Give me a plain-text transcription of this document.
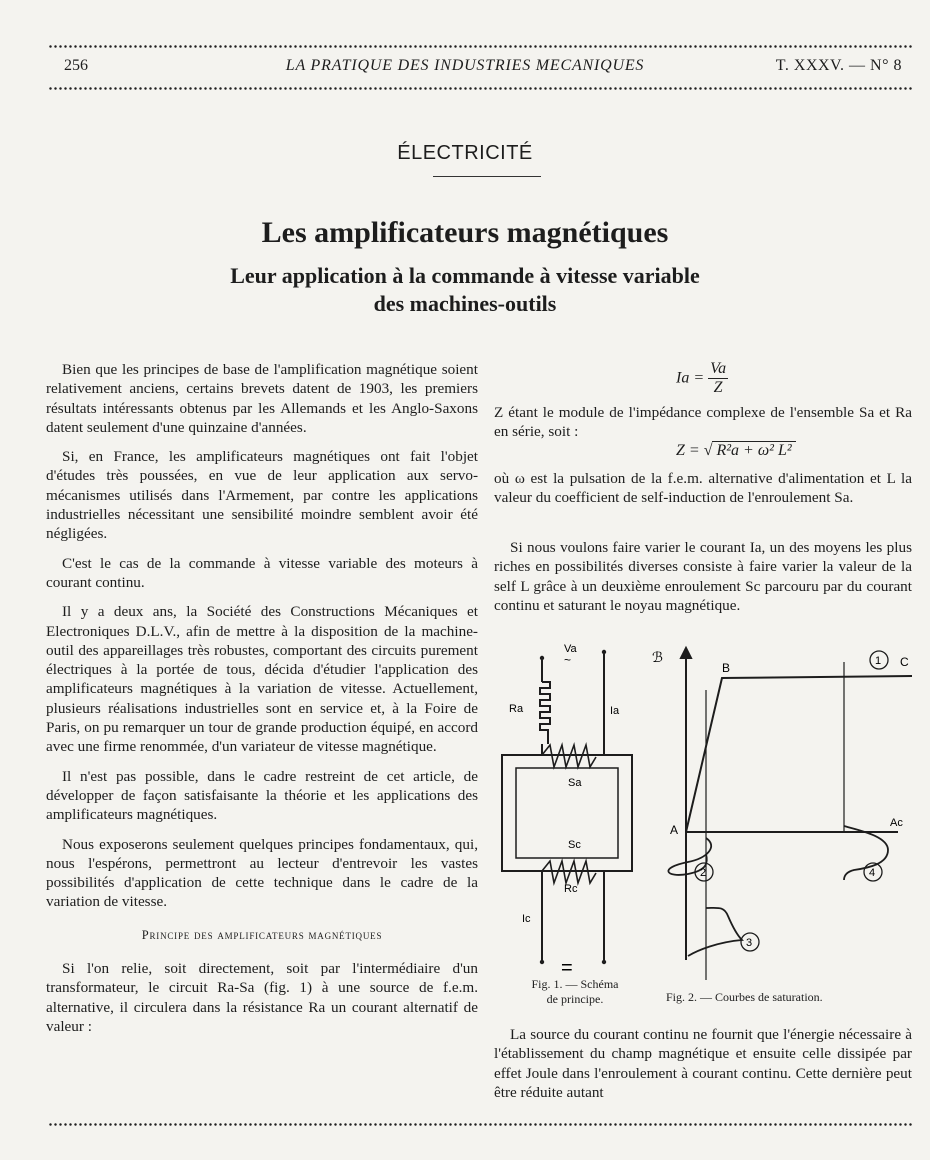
256	LA PRATIQUE DES INDUSTRIES MECANIQUES	T. XXXV. — N° 8
ÉLECTRICITÉ
Les amplificateurs magnétiques
Leur application à la commande à vitesse variable
des machines-outils

Bien que les principes de base de l'amplification magnétique soient relativement anciens, certains brevets datent de 1903, les premiers résultats intéressants obtenus par les Allemands et les Anglo-Saxons datent seulement d'une quinzaine d'années.

Si, en France, les amplificateurs magnétiques ont fait l'objet d'études très poussées, en vue de leur application aux servo-mécanismes utilisés dans l'Armement, par contre les applications industrielles nécessitant une sensibilité moindre semblent avoir été négligées.

C'est le cas de la commande à vitesse variable des moteurs à courant continu.

Il y a deux ans, la Société des Constructions Mécaniques et Electroniques D.L.V., afin de mettre à la disposition de la machine-outil des appareillages très robustes, comportant des circuits purement électriques à la portée de tous, décida d'étudier l'application des amplificateurs magnétiques à la variation de vitesse. Actuellement, plusieurs réalisations industrielles sont en service et, à la Foire de Paris, on pu remarquer un tour de grande production équipé, en accord avec une firme renommée, d'un variateur de vitesse magnétique.

Il n'est pas possible, dans le cadre restreint de cet article, de développer de façon satisfaisante la théorie et les applications des amplificateurs magnétiques.

Nous exposerons seulement quelques principes fondamentaux, qui, nous l'espérons, permettront au lecteur d'entrevoir les vastes possibilités d'application de cette technique dans le cadre de la variation de vitesse.

Principe des amplificateurs magnétiques

Si l'on relie, soit directement, soit par l'intermédiaire d'un transformateur, le circuit Ra-Sa (fig. 1) à une source de f.e.m. alternative, il circulera dans la résistance Ra un courant alternatif de valeur :

$Ia = \frac{Va}{Z}$

Z étant le module de l'impédance complexe de l'ensemble Sa et Ra en série, soit :

Z = √ R²a + ω² L²

où ω est la pulsation de la f.e.m. alternative d'alimentation et L la valeur du coefficient de self-induction de l'enroulement Sa.

Si nous voulons faire varier le courant Ia, un des moyens les plus riches en possibilités diverses consiste à faire varier la valeur de la self L grâce à un deuxième enroulement Sc parcouru par du courant continu et saturant le noyau magnétique.

Va
~
Ra	Ia
Sa
Sc
Rc
Ic
=
Fig. 1. — Schéma
de principe.
ℬ
B	C
A	Ac
1
2
3
4
Fig. 2. — Courbes de saturation.

La source du courant continu ne fournit que l'énergie nécessaire à l'établissement du champ magnétique et ensuite celle dissipée par effet Joule dans l'enroulement à courant continu. Cette dernière peut être réduite autant
